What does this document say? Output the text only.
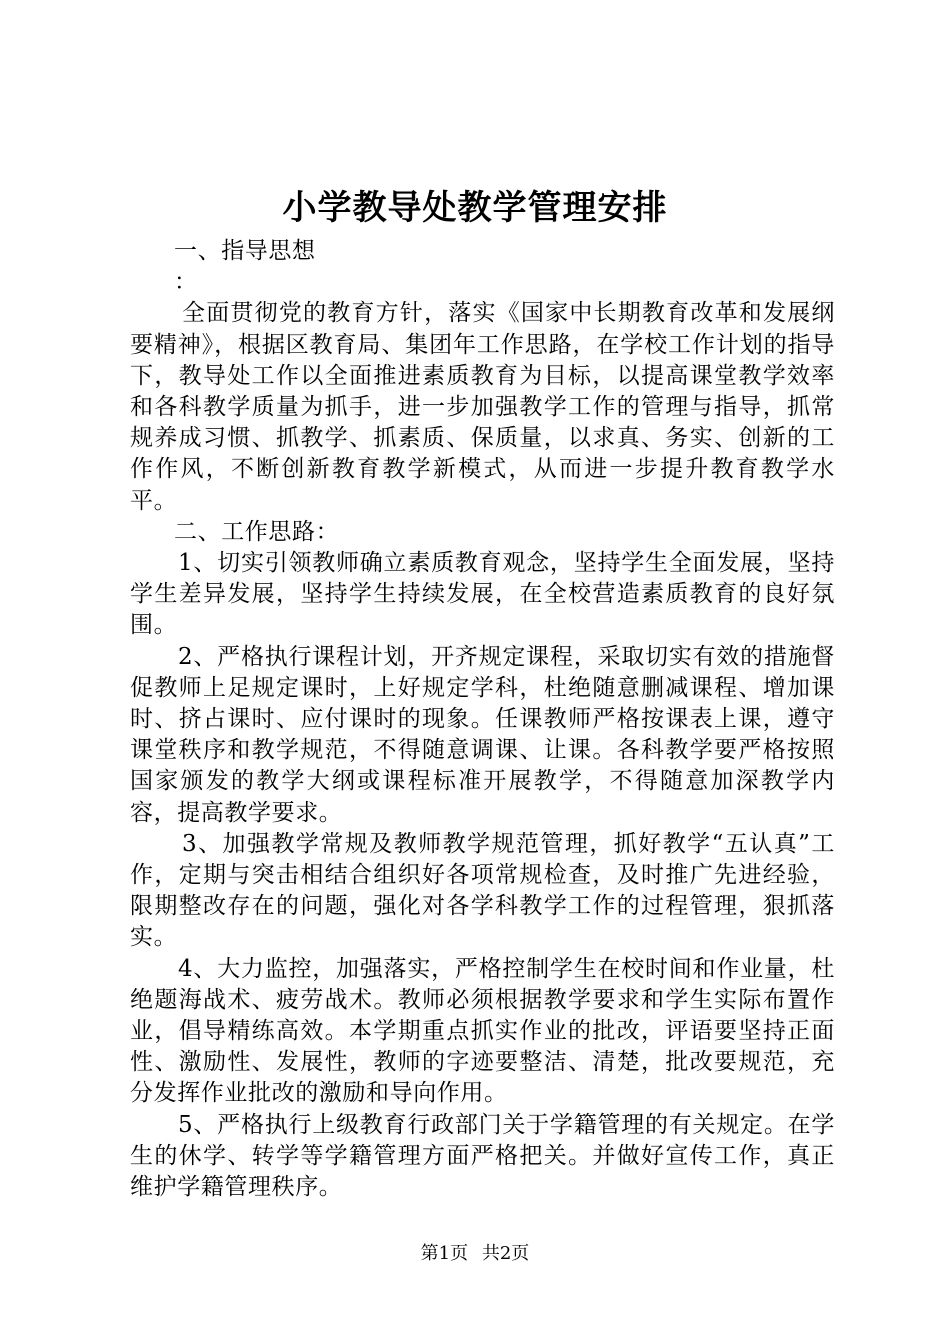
小学教导处教学管理安排

一、指导思想

：

全面贯彻党的教育方针，落实《国家中长期教育改革和发展纲要精神》，根据区教育局、集团年工作思路，在学校工作计划的指导下，教导处工作以全面推进素质教育为目标，以提高课堂教学效率和各科教学质量为抓手，进一步加强教学工作的管理与指导，抓常规养成习惯、抓教学、抓素质、保质量，以求真、务实、创新的工作作风，不断创新教育教学新模式，从而进一步提升教育教学水平。

二、工作思路：

1、切实引领教师确立素质教育观念，坚持学生全面发展，坚持学生差异发展，坚持学生持续发展，在全校营造素质教育的良好氛围。

2、严格执行课程计划，开齐规定课程，采取切实有效的措施督促教师上足规定课时，上好规定学科，杜绝随意删减课程、增加课时、挤占课时、应付课时的现象。任课教师严格按课表上课，遵守课堂秩序和教学规范，不得随意调课、让课。各科教学要严格按照国家颁发的教学大纲或课程标准开展教学，不得随意加深教学内容，提高教学要求。

3、加强教学常规及教师教学规范管理，抓好教学“五认真”工作，定期与突击相结合组织好各项常规检查，及时推广先进经验，限期整改存在的问题，强化对各学科教学工作的过程管理，狠抓落实。

4、大力监控，加强落实，严格控制学生在校时间和作业量，杜绝题海战术、疲劳战术。教师必须根据教学要求和学生实际布置作业，倡导精练高效。本学期重点抓实作业的批改，评语要坚持正面性、激励性、发展性，教师的字迹要整洁、清楚，批改要规范，充分发挥作业批改的激励和导向作用。

5、严格执行上级教育行政部门关于学籍管理的有关规定。在学生的休学、转学等学籍管理方面严格把关。并做好宣传工作，真正维护学籍管理秩序。

第1页 共2页
